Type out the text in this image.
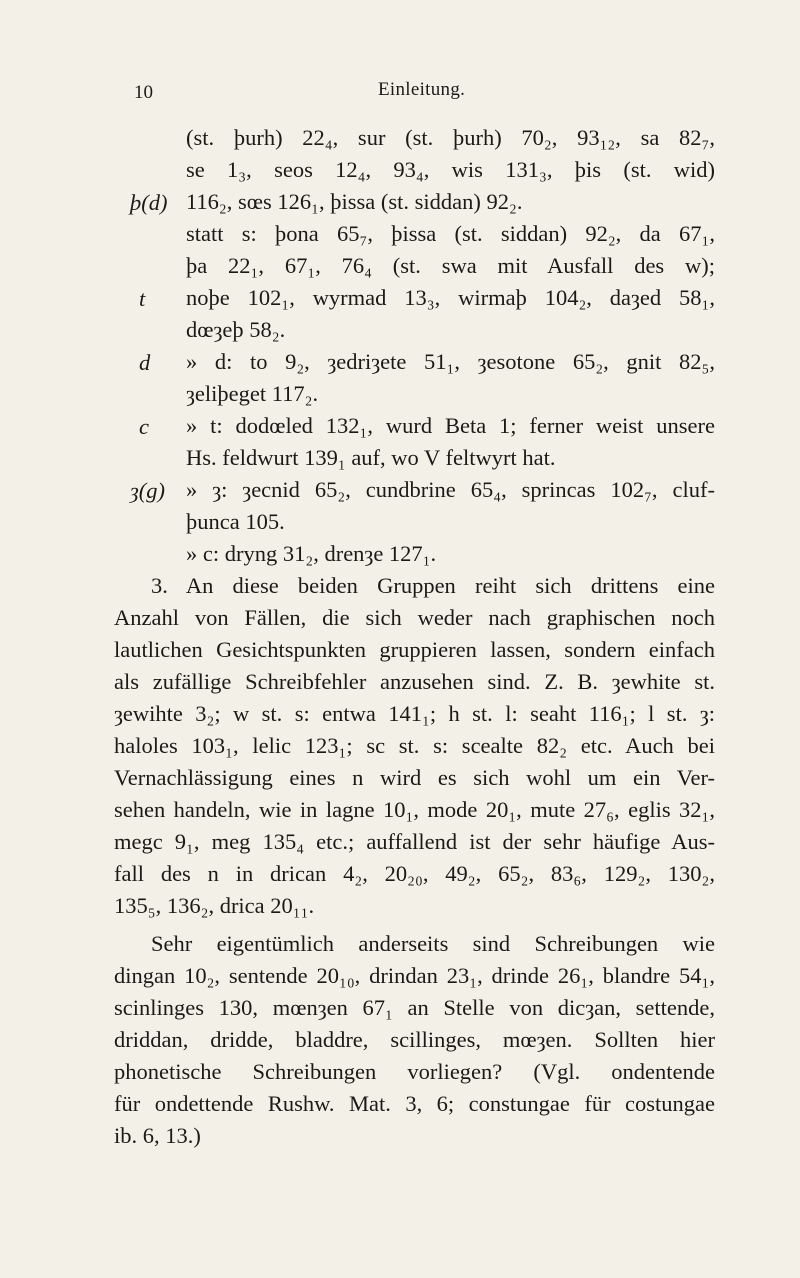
10	Einleitung.
þ(d)
t
d
c
ȝ(g)
(st. þurh) 22₄, sur (st. þurh) 70₂, 93₁₂, sa 82₇,
se 1₃, seos 12₄, 93₄, wis 131₃, þis (st. wid)
116₂, sœs 126₁, þissa (st. siddan) 92₂.
statt s: þona 65₇, þissa (st. siddan) 92₂, da 67₁,
þa 22₁, 67₁, 76₄ (st. swa mit Ausfall des w);
noþe 102₁, wyrmad 13₃, wirmaþ 104₂, daȝed 58₁,
dœȝeþ 58₂.
» d: to 9₂, ȝedriȝete 51₁, ȝesotone 65₂, gnit 82₅,
ȝeliþeget 117₂.
» t: dodœled 132₁, wurd Beta 1; ferner weist unsere
Hs. feldwurt 139₁ auf, wo V feltwyrt hat.
» ȝ: ȝecnid 65₂, cundbrine 65₄, sprincas 102₇, cluf-
þunca 105.
» c: dryng 31₂, drenȝe 127₁.
3. An diese beiden Gruppen reiht sich drittens eine
Anzahl von Fällen, die sich weder nach graphischen noch
lautlichen Gesichtspunkten gruppieren lassen, sondern einfach
als zufällige Schreibfehler anzusehen sind. Z. B. ȝewhite st.
ȝewihte 3₂; w st. s: entwa 141₁; h st. l: seaht 116₁; l st. ȝ:
haloles 103₁, lelic 123₁; sc st. s: scealte 82₂ etc. Auch bei
Vernachlässigung eines n wird es sich wohl um ein Ver-
sehen handeln, wie in lagne 10₁, mode 20₁, mute 27₆, eglis 32₁,
megc 9₁, meg 135₄ etc.; auffallend ist der sehr häufige Aus-
fall des n in drican 4₂, 20₂₀, 49₂, 65₂, 83₆, 129₂, 130₂,
135₅, 136₂, drica 20₁₁.
Sehr eigentümlich anderseits sind Schreibungen wie
dingan 10₂, sentende 20₁₀, drindan 23₁, drinde 26₁, blandre 54₁,
scinlinges 130, mœnȝen 67₁ an Stelle von dicȝan, settende,
driddan, dridde, bladdre, scillinges, mœȝen. Sollten hier
phonetische Schreibungen vorliegen? (Vgl. ondentende
für ondettende Rushw. Mat. 3, 6; constungae für costungae
ib. 6, 13.)
